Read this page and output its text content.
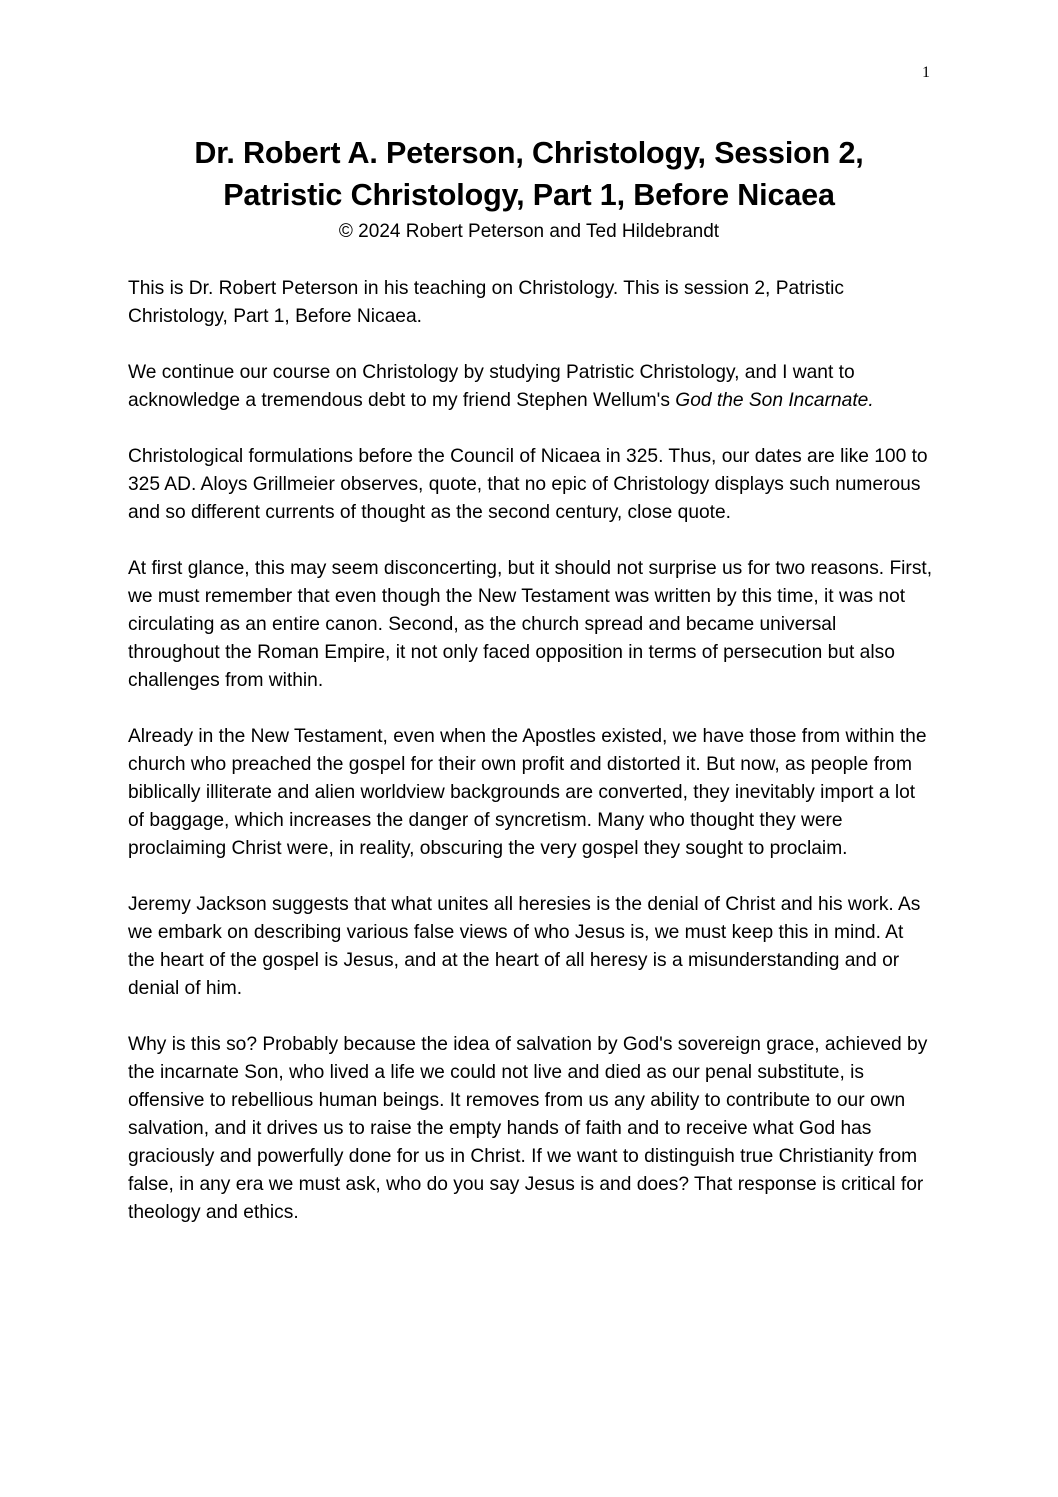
1
Dr. Robert A. Peterson, Christology, Session 2,
Patristic Christology, Part 1, Before Nicaea
© 2024 Robert Peterson and Ted Hildebrandt

This is Dr. Robert Peterson in his teaching on Christology. This is session 2, Patristic Christology, Part 1, Before Nicaea.

We continue our course on Christology by studying Patristic Christology, and I want to acknowledge a tremendous debt to my friend Stephen Wellum's God the Son Incarnate.

Christological formulations before the Council of Nicaea in 325. Thus, our dates are like 100 to 325 AD. Aloys Grillmeier observes, quote, that no epic of Christology displays such numerous and so different currents of thought as the second century, close quote.

At first glance, this may seem disconcerting, but it should not surprise us for two reasons. First, we must remember that even though the New Testament was written by this time, it was not circulating as an entire canon. Second, as the church spread and became universal throughout the Roman Empire, it not only faced opposition in terms of persecution but also challenges from within.

Already in the New Testament, even when the Apostles existed, we have those from within the church who preached the gospel for their own profit and distorted it. But now, as people from biblically illiterate and alien worldview backgrounds are converted, they inevitably import a lot of baggage, which increases the danger of syncretism. Many who thought they were proclaiming Christ were, in reality, obscuring the very gospel they sought to proclaim.

Jeremy Jackson suggests that what unites all heresies is the denial of Christ and his work. As we embark on describing various false views of who Jesus is, we must keep this in mind. At the heart of the gospel is Jesus, and at the heart of all heresy is a misunderstanding and or denial of him.

Why is this so? Probably because the idea of salvation by God's sovereign grace, achieved by the incarnate Son, who lived a life we could not live and died as our penal substitute, is offensive to rebellious human beings. It removes from us any ability to contribute to our own salvation, and it drives us to raise the empty hands of faith and to receive what God has graciously and powerfully done for us in Christ. If we want to distinguish true Christianity from false, in any era we must ask, who do you say Jesus is and does? That response is critical for theology and ethics.
